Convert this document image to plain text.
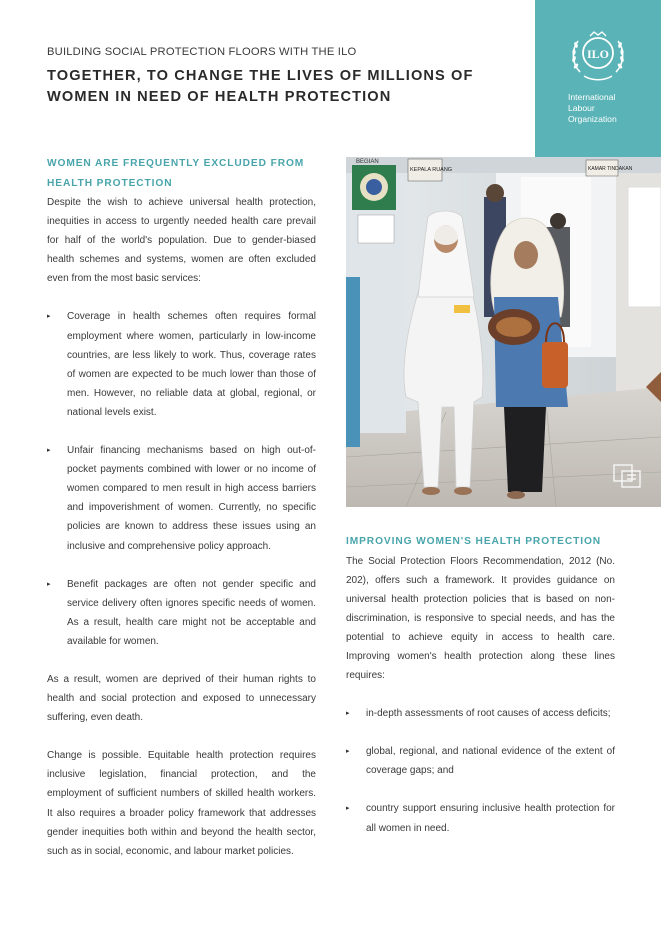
ILO
International
Labour
Organization
BUILDING SOCIAL PROTECTION FLOORS WITH THE ILO
TOGETHER, TO CHANGE THE LIVES OF MILLIONS OF WOMEN IN NEED OF HEALTH PROTECTION
WOMEN ARE FREQUENTLY EXCLUDED FROM HEALTH PROTECTION

Despite the wish to achieve universal health protection, inequities in access to urgently needed health care prevail for half of the world's population. Due to gender-biased health schemes and systems, women are often excluded even from the most basic services:

▸ Coverage in health schemes often requires formal employment where women, particularly in low-income countries, are less likely to work. Thus, coverage rates of women are expected to be much lower than those of men. However, no reliable data at global, regional, or national levels exist.
▸ Unfair financing mechanisms based on high out-of-pocket payments combined with lower or no income of women compared to men result in high access barriers and impoverishment of women. Currently, no specific policies are known to address these issues using an inclusive and comprehensive policy approach.
▸ Benefit packages are often not gender specific and service delivery often ignores specific needs of women. As a result, health care might not be acceptable and available for women.

As a result, women are deprived of their human rights to health and social protection and exposed to unnecessary suffering, even death.

Change is possible. Equitable health protection requires inclusive legislation, financial protection, and the employment of sufficient numbers of skilled health workers. It also requires a broader policy framework that addresses gender inequities both within and beyond the health sector, such as in social, economic, and labour market policies.

BEGIAN
KEPALA RUANG	KAMAR TINDAKAN
IMPROVING WOMEN'S HEALTH PROTECTION

The Social Protection Floors Recommendation, 2012 (No. 202), offers such a framework. It provides guidance on universal health protection policies that is based on non-discrimination, is responsive to special needs, and has the potential to achieve equity in access to health care. Improving women's health protection along these lines requires:

▸ in-depth assessments of root causes of access deficits;
▸ global, regional, and national evidence of the extent of coverage gaps; and
▸ country support ensuring inclusive health protection for all women in need.
